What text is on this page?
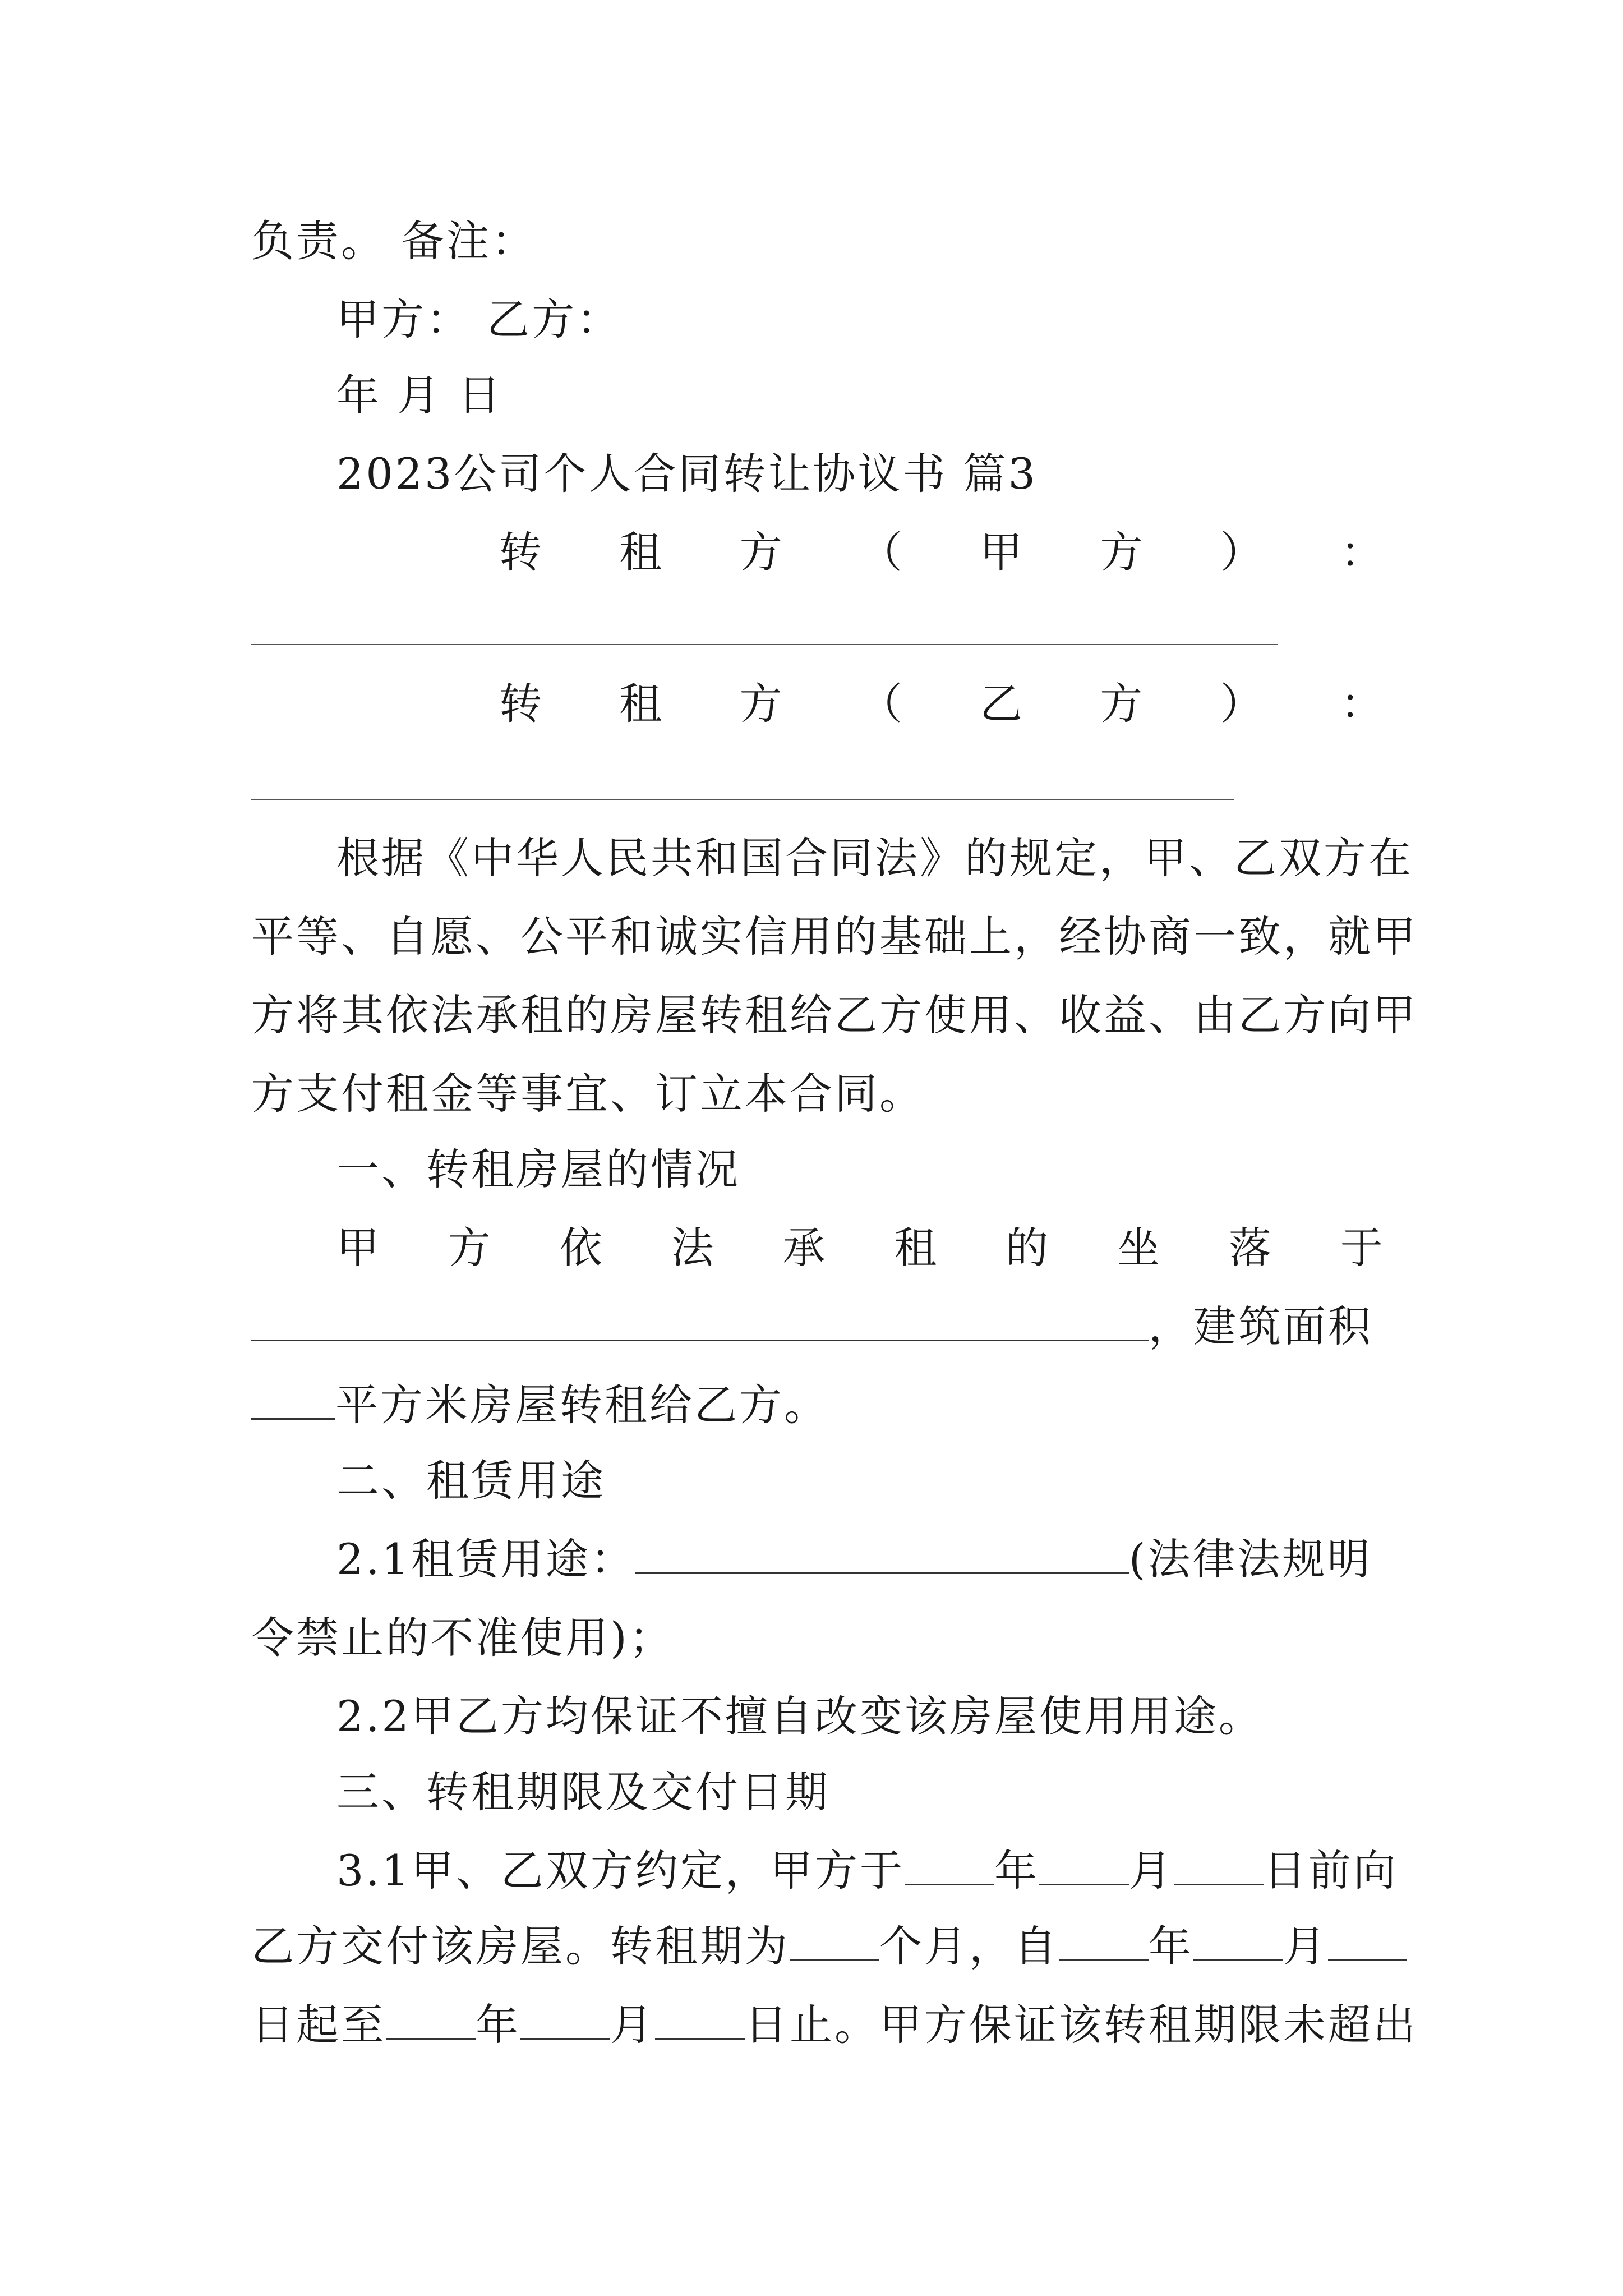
负责。 备注：
甲方： 乙方：
年 月 日
2023公司个人合同转让协议书 篇3
转 租 方 （ 甲 方 ） ：
转 租 方 （ 乙 方 ） ：
根据《中华人民共和国合同法》的规定，甲、乙双方在
平等、自愿、公平和诚实信用的基础上，经协商一致，就甲
方将其依法承租的房屋转租给乙方使用、收益、由乙方向甲
方支付租金等事宜、订立本合同。
一、转租房屋的情况
甲 方 依 法 承 租 的 坐 落 于
，建筑面积
平方米房屋转租给乙方。
二、租赁用途
2.1租赁用途：	(法律法规明
令禁止的不准使用)；
2.2甲乙方均保证不擅自改变该房屋使用用途。
三、转租期限及交付日期
3.1甲、乙双方约定，甲方于 年 月 日前向
乙方交付该房屋。转租期为 个月，自 年 月
日起至 年 月 日止。甲方保证该转租期限未超出
